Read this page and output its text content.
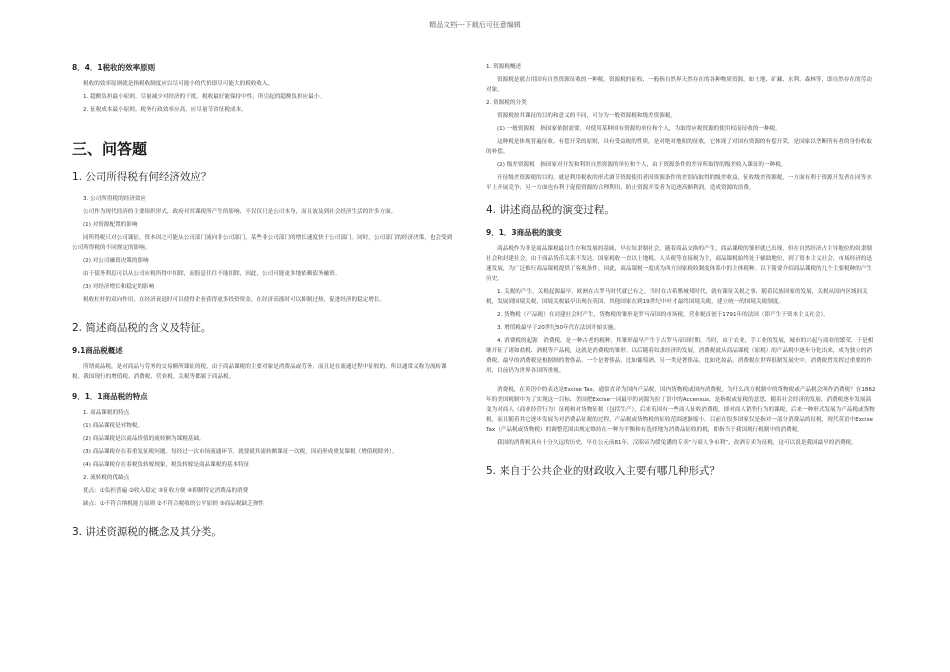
精品文档---下载后可任意编辑
8．4．1税收的效率原则
税收的效率原则就是指税收制度应以尽可能小的代价即尽可能大的税收收入。
1. 超额负担最小原则。尽量减少对经济的干扰，税收最好能保持中性，所引起的超额负担应最小。
2. 征税成本最小原则。税务行政效率应高，应尽量节省征税成本。
三、问答题
1. 公司所得税有何经济效应？
3. 公司所得税的经济效应
公司作为现代经济的主要组织形式，政府对其课税所产生的影响，不仅仅只是公司本身，而且波及到社会经济生活的许多方面。
(1) 对资源配置的影响
同所得税只对公司课征，资本因之可能从公司部门流向非公司部门，某些非公司部门的增长速度快于公司部门。同时，公司部门的经济决策，也会受到公司所得税的不同规定的影响。
(2) 对公司融资决策的影响
由于债务利息可以从公司应税所得中扣除，而股息往往不能扣除，因此，公司可能更多地依赖债务融资。
(3) 对经济增长和稳定的影响
税收杠杆的双向作用，在经济衰退时可以使得企业获得更多投资资金，在经济高涨时可以抑制过热，促进经济的稳定增长。
2. 简述商品税的含义及特征。
9.1商品税概述
所谓商品税，是对商品与劳务的交易额所课征的税，由于商品课税的主要对象是消费品或劳务，而且是在流通过程中征收的，所以通常又称为流转课税。我国现行的增值税、消费税、营业税、关税等都属于商品税。
9．1．1商品税的特点
1. 商品课税的特点
(1) 商品课税是对物税。
(2) 商品课税是以商品价值的流转额为课税基础。
(3) 商品课税存在着重复征税问题。每经过一次市场流通环节，就要就其流转额课征一次税，因而形成重复课税（增值税除外）。
(4) 商品课税存在着税负转嫁现象，税负转嫁是商品课税的基本特征
2. 流转税的优缺点
优点：①负担普遍 ②收入稳定 ③征收方便 ④抑制特定消费品的消费
缺点：①不符合纳税能力原则 ②不符合税收的公平原则 ③商品税缺乏弹性
3. 讲述资源税的概念及其分类。
1. 资源税概述
资源税是就占用国有自然资源征收的一种税。资源税的征收，一般指自然界天然存在的各种物质资源，如土地、矿藏、水利、森林等，即自然存在的劳动对象。
2. 资源税的分类
资源税按其课征的目的和意义的不同，可分为一般资源税和级差资源税。
(1) 一般资源税　指国家依据需要，对使用某种国有资源的单位和个人，为取得应税资源的使用权而征收的一种税。
这种税是体现普遍征收、有偿开采的原则，具有受益税的性质，是对绝对地租的征收，它体现了对国有资源的有偿开采，是国家以垄断所有者的身份收取的补偿。
(2) 级差资源税　指国家对开发和利用自然资源的单位和个人，由于资源条件的差异所取得的级差收入课征的一种税。
开征级差资源税的目的，就是利用税收的形式调节资源使用者因资源条件的差别而取得的级差收益，征收级差资源税，一方面有利于资源开发者在同等水平上开展竞争；另一方面也有利于促使资源的合理利用，防止资源开发者为追逐高额利润，造成资源的浪费。
4. 讲述商品税的演变过程。
9．1．3商品税的演变
商品税作为非是商品课税最以生存和发展的基础，早在奴隶制社会，随着商品交换的产生，商品课税的雏形就已出现，但在自然经济占主导地位的奴隶制社会和封建社会，由于商品货币关系不发达，国家税收一直以土地税、人头税等直接税为主，商品课税始终处于辅助地位，到了资本主义社会，市场经济的迅速发展，为广泛推行商品课税提供了客观条件，因此，商品课税一度成为西方国家税收制度体系中的主体税种。以下简要介绍商品课税的几个主要税种的产生历史。
1. 关税的产生。关税起源最早，欧洲在古罗马时代就已有之，当时在古希腊城邦时代，就有课征关税之事，随着民族国家的发展，关税从国内区域间关税，发展到国境关税，国境关税最早出现在英国，其他国家在到19世纪中叶才最终国境关税，建立统一的国境关税制度。
2. 货物税（产品税）在封建社会时产生，货物税的雏形是罗马帝国的市场税，营业税首创于1791年的法国（即产生于资本主义社会）。
3. 增值税最早于20世纪50年代在法国开始实施。
4. 消费税的起源　消费税，是一种古老的税种，其雏形最早产生于古罗马帝国时期。当时，由于农业、手工业的发展，城市的兴起与商业的繁荣，于是相继开征了诸如盐税、酒税等产品税，这就是消费税的雏形。以后随着奴隶经济的发展，消费税就从商品课税（原税）的产品税中逐步分化出来，成为独立的消费税。最早的消费税是根据制的奢侈品，一个是奢侈品，比如葡萄酒、另一类是奢侈品，比如化妆品，消费税在世界很制发展史中，消费税曾发挥过重要的作用，目前仍为世界各国所重视。
消费税，在英语中的表达是Excise Tax，通常直译为国内产品税，国内货物税或国内消费税。为什么西方税制中的货物税或产品税会叫作消费税？在1862年的美国税制中为了实现这一目标，美国把Excise一词最早的词源为拉丁语中的Accensus，是指税或征税的意思，随着社会经济的发展，消费税逐步发展演变为对商人（商业经营行为）征税和对货物征税（包括生产），后来英国有一些商人征收消费税，即对商人销售行为的课税，后来一种形式发展为产品税或货物税，而且随着其它逐步发展为对消费品征税的过程，产品税或货物税的征收范围逐渐缩小，目前在很多国家仅是指对一部分消费品的征税，现代英语中Excise Tax（产品税或货物税）的调整范围由规定维持在一种为平衡和有选择地为消费品征收的税，即指当于我国现行税制中的消费税。
我国的消费税具有十分久远的历史，早在公元前81年，汉昭帝为缓兔潘的专卖“与商人争市利”，改酒专卖为征税，这可以说是我国最早的消费税。
5. 来自于公共企业的财政收入主要有哪几种形式？
